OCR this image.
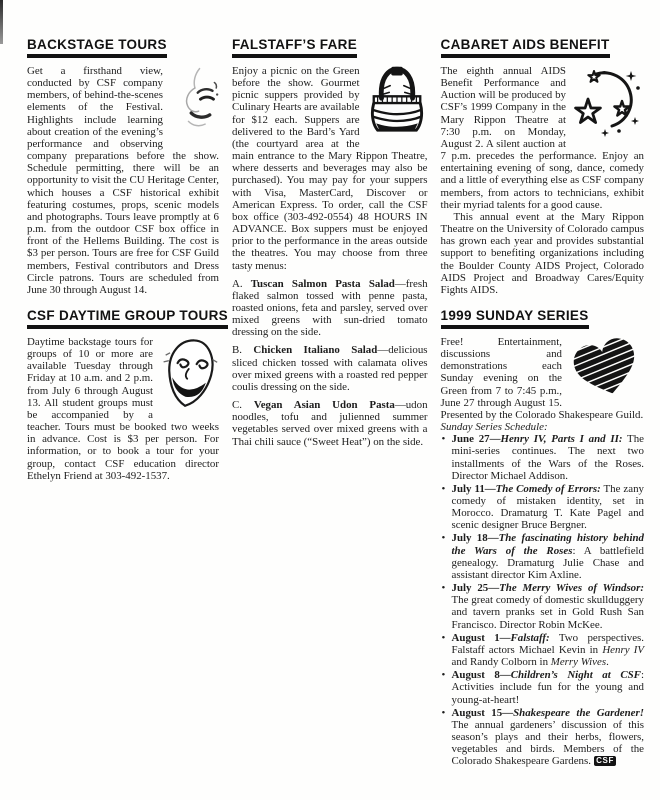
BACKSTAGE TOURS

Get a firsthand view, conducted by CSF company members, of behind-the-scenes elements of the Festival. Highlights include learning about creation of the evening’s performance and observing company preparations before the show. Schedule permitting, there will be an opportunity to visit the CU Heritage Center, which houses a CSF historical exhibit featuring costumes, props, scenic models and photographs. Tours leave promptly at 6 p.m. from the outdoor CSF box office in front of the Hellems Building. The cost is $3 per person. Tours are free for CSF Guild members, Festival contributors and Dress Circle patrons. Tours are scheduled from June 30 through August 14.

CSF DAYTIME GROUP TOURS

Daytime backstage tours for groups of 10 or more are available Tuesday through Friday at 10 a.m. and 2 p.m. from July 6 through August 13. All student groups must be accompanied by a teacher. Tours must be booked two weeks in advance. Cost is $3 per person. For information, or to book a tour for your group, contact CSF education director Ethelyn Friend at 303-492-1537.

FALSTAFF’S FARE

Enjoy a picnic on the Green before the show. Gourmet picnic suppers provided by Culinary Hearts are available for $12 each. Suppers are delivered to the Bard’s Yard (the courtyard area at the main entrance to the Mary Rippon Theatre, where desserts and beverages may also be purchased). You may pay for your suppers with Visa, MasterCard, Discover or American Express. To order, call the CSF box office (303-492-0554) 48 HOURS IN ADVANCE. Box suppers must be enjoyed prior to the performance in the areas outside the theatres. You may choose from three tasty menus:

A. Tuscan Salmon Pasta Salad—fresh flaked salmon tossed with penne pasta, roasted onions, feta and parsley, served over mixed greens with sun-dried tomato dressing on the side.

B. Chicken Italiano Salad—delicious sliced chicken tossed with calamata olives over mixed greens with a roasted red pepper coulis dressing on the side.

C. Vegan Asian Udon Pasta—udon noodles, tofu and julienned summer vegetables served over mixed greens with a Thai chili sauce (“Sweet Heat”) on the side.

CABARET AIDS BENEFIT

The eighth annual AIDS Benefit Performance and Auction will be produced by CSF’s 1999 Company in the Mary Rippon Theatre at 7:30 p.m. on Monday, August 2. A silent auction at 7 p.m. precedes the performance. Enjoy an entertaining evening of song, dance, comedy and a little of everything else as CSF company members, from actors to technicians, exhibit their myriad talents for a good cause.

This annual event at the Mary Rippon Theatre on the University of Colorado campus has grown each year and provides substantial support to benefiting organizations including the Boulder County AIDS Project, Colorado AIDS Project and Broadway Cares/Equity Fights AIDS.

1999 SUNDAY SERIES

Free! Entertainment, discussions and demonstrations each Sunday evening on the Green from 7 to 7:45 p.m., June 27 through August 15. Presented by the Colorado Shakespeare Guild.

Sunday Series Schedule:

• June 27—Henry IV, Parts I and II: The mini-series continues. The next two installments of the Wars of the Roses. Director Michael Addison.
• July 11—The Comedy of Errors: The zany comedy of mistaken identity, set in Morocco. Dramaturg T. Kate Pagel and scenic designer Bruce Bergner.
• July 18—The fascinating history behind the Wars of the Roses: A battlefield genealogy. Dramaturg Julie Chase and assistant director Kim Axline.
• July 25—The Merry Wives of Windsor: The great comedy of domestic skullduggery and tavern pranks set in Gold Rush San Francisco. Director Robin McKee.
• August 1—Falstaff: Two perspectives. Falstaff actors Michael Kevin in Henry IV and Randy Colborn in Merry Wives.
• August 8—Children’s Night at CSF: Activities include fun for the young and young-at-heart!
• August 15—Shakespeare the Gardener! The annual gardeners’ discussion of this season’s plays and their herbs, flowers, vegetables and birds. Members of the Colorado Shakespeare Gardens. CSF
